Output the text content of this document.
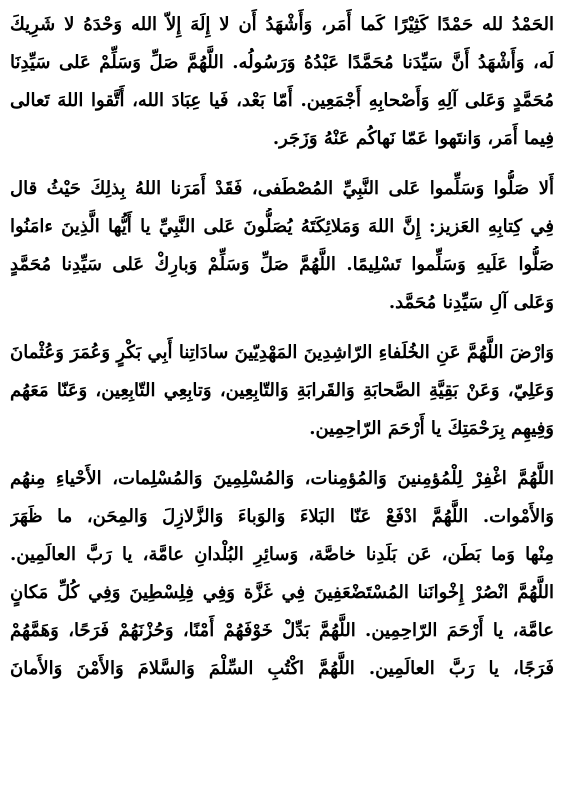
الحَمْدُ لله حَمْدًا كَثِيْرًا كَما أَمَر، وَأَشْهَدُ أَن لا إِلَهَ إِلاّ الله وَحْدَهُ لا شَرِيكَ
لَه، وَأَشْهَدُ أَنَّ سَيِّدَنا مُحَمَّدًا عَبْدُهُ وَرَسُولُه. اللَّهُمَّ صَلِّ وَسَلِّمْ عَلى سَيِّدِنَا
مُحَمَّدٍ وَعَلى آلِهِ وَأَصْحابِهِ أَجْمَعِين. أَمّا بَعْد، فَيا عِبَادَ الله، أَتَّقوا اللهَ تَعالى
فِيما أَمَر، وَانتَهوا عَمّا نَهاكُم عَنْهُ وَزَجَر.
أَلا صَلُّوا وَسَلِّموا عَلى النَّبِيِّ المُصْطَفى، فَقَدْ أَمَرَنا اللهُ بِذلِكَ حَيْثُ قال
فِي كِتابِهِ العَزيز: إِنَّ اللهَ وَمَلائِكَتَهُ يُصَلُّونَ عَلى النَّبِيِّ يا أَيُّها الَّذِينَ ءامَنُوا
صَلُّوا عَلَيهِ وَسَلِّموا تَسْلِيمًا. اللَّهُمَّ صَلِّ وَسَلِّمْ وَبارِكْ عَلى سَيِّدِنا مُحَمَّدٍ
وَعَلى آلِ سَيِّدِنا مُحَمَّد.
وَارْضَ اللَّهُمَّ عَنِ الخُلَفاءِ الرّاشِدِينَ المَهْدِيّينَ سادَاتِنا أَبِي بَكْرٍ وَعُمَرَ وَعُثْمانَ
وَعَلِيّ، وَعَنْ بَقِيَّةِ الصَّحابَةِ وَالقَرابَةِ وَالتّابِعِين، وَتابِعِي التّابِعِين، وَعَنّا مَعَهُم
وَفِيهِم بِرَحْمَتِكَ يا أَرْحَمَ الرّاحِمِين.
اللَّهُمَّ اغْفِرْ لِلْمُؤمِنينَ وَالمُؤمِنات، وَالمُسْلِمِينَ وَالمُسْلِمات، الأَحْياءِ مِنهُم
وَالأَمْوات. اللَّهُمَّ ادْفَعْ عَنّا البَلاءَ وَالوَباءَ وَالزَّلازِلَ وَالمِحَن، ما ظَهَرَ
مِنْها وَما بَطَن، عَن بَلَدِنا خاصَّة، وَسائِرِ البُلْدانِ عامَّة، يا رَبَّ العالَمِين.
اللَّهُمَّ انْصُرْ إِخْوانَنا المُسْتَضْعَفِينَ فِي غَزَّة وَفِي فِلِسْطِينَ وَفِي كُلِّ مَكانٍ
عامَّة، يا أَرْحَمَ الرّاحِمِين. اللَّهُمَّ بَدِّلْ خَوْفَهُمْ أَمْنًا، وَحُزْنَهُمْ فَرَحًا، وَهَمَّهُمْ
فَرَجًا، يا رَبَّ العالَمِين. اللَّهُمَّ اكْتُبِ السِّلْمَ وَالسَّلامَ وَالأَمْنَ وَالأَمانَ
